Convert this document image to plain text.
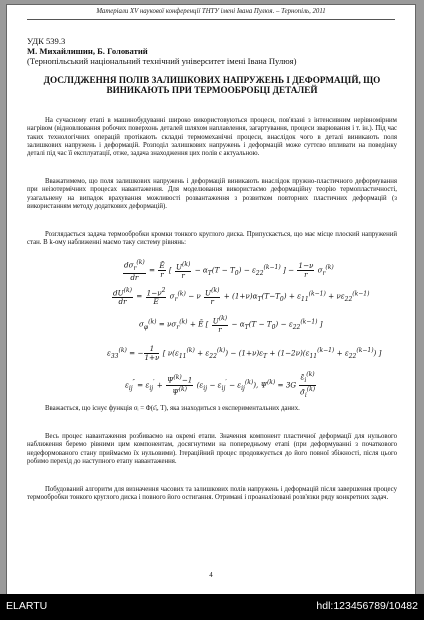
Матеріали XV наукової конференції ТНТУ імені Івана Пулюя. – Тернопіль, 2011
УДК 539.3
М. Михайлишин, Б. Головатий
(Тернопільський національний технічний університет імені Івана Пулюя)
ДОСЛІДЖЕННЯ ПОЛІВ ЗАЛИШКОВИХ НАПРУЖЕНЬ І ДЕФОРМАЦІЙ, ЩО ВИНИКАЮТЬ ПРИ ТЕРМООБРОБЦІ ДЕТАЛЕЙ

На сучасному етапі в машинобудуванні широко використовуються процеси, пов'язані з інтенсивним нерівномірним нагрівом (відновлювання робочих поверхонь деталей шляхом наплавлення, загартування, процеси зварювання і т. ін.). Під час таких технологічних операцій протікають складні термомеханічні процеси, внаслідок чого в деталі виникають поля залишкових напружень і деформацій. Розподіл залишкових напружень і деформацій може суттєво впливати на поведінку деталі під час її експлуатації, отже, задача знаходження цих полів є актуальною.

Вважатимемо, що поля залишкових напружень і деформацій виникають внаслідок пружно-пластичного деформування при неізотермічних процесах навантаження. Для моделювання використаємо деформаційну теорію термопластичності, узагальнену на випадок врахування можливості розвантаження з розвитком повторних пластичних деформацій (з використанням методу додаткових деформацій).

Розглядається задача термообробки кромки тонкого круглого диска. Припускається, що має місце плоский напружений стан. В k-ому наближенні маємо таку систему рівнянь:

$\frac{d\sigma_r^{(k)}}{dr} = \frac{Ē}{r}$ [ $\frac{U^{(k)}}{r} - \alpha_T(T - T_0) - \varepsilon_{22}^{(k-1)}$ ] − $\frac{1-\nu}{r} \sigma_r^{(k)}$
$\frac{dU^{(k)}}{dr} = \frac{1-\nu^2}{Ē} \sigma_r^{(k)} - \nu \frac{U^{(k)}}{r} + (1+\nu)\alpha_T(T-T_0) + \varepsilon_{11}^{(k-1)} + \nu\varepsilon_{22}^{(k-1)}$
$\sigma_\varphi^{(k)} = \nu\sigma_r^{(k)}$ + Ē [ $\frac{U^{(k)}}{r} - \alpha_T(T - T_0) - \varepsilon_{22}^{(k-1)}$ ]
$\varepsilon_{33}^{(k)}$ = − $\frac{1}{1+\nu}$ [ $\nu(\varepsilon_{11}^{(k)} + \varepsilon_{22}^{(k)}) - (1+\nu)\varepsilon_T + (1-2\nu)(\varepsilon_{11}^{(k-1)} + \varepsilon_{22}^{(k-1)})$ ]
$\varepsilon_{ij}'' = \varepsilon_{ij}' + \frac{\Psi^{(k)}-1}{\Psi^{(k)}} (\varepsilon_{ij} - \varepsilon_{ij}' - \varepsilon_{ij}^{(k)})$, $\Psi^{(k)} = 3G \frac{\varepsilon̄_i^{(k)}}{\sigmā_i^{(k)}}$

Вважається, що існує функція σᵢ = Φ(ε̄ᵢ, T), яка знаходиться з експериментальних даних.

Весь процес навантаження розбиваємо на окремі етапи. Значення компонент пластичної деформації для нульового наближення беремо рівними цим компонентам, досягнутими на попередньому етапі (при деформуванні з початкового недеформованого стану приймаємо їх нульовими). Ітераційний процес продовжується до його повної збіжності, після цього робимо перехід до наступного етапу навантаження.

Побудований алгоритм для визначення часових та залишкових полів напружень і деформацій після завершення процесу термообробки тонкого круглого диска і повного його остигання. Отримані і проаналізовані розв'язки ряду конкретних задач.

4
ELARTU	hdl:123456789/10482
